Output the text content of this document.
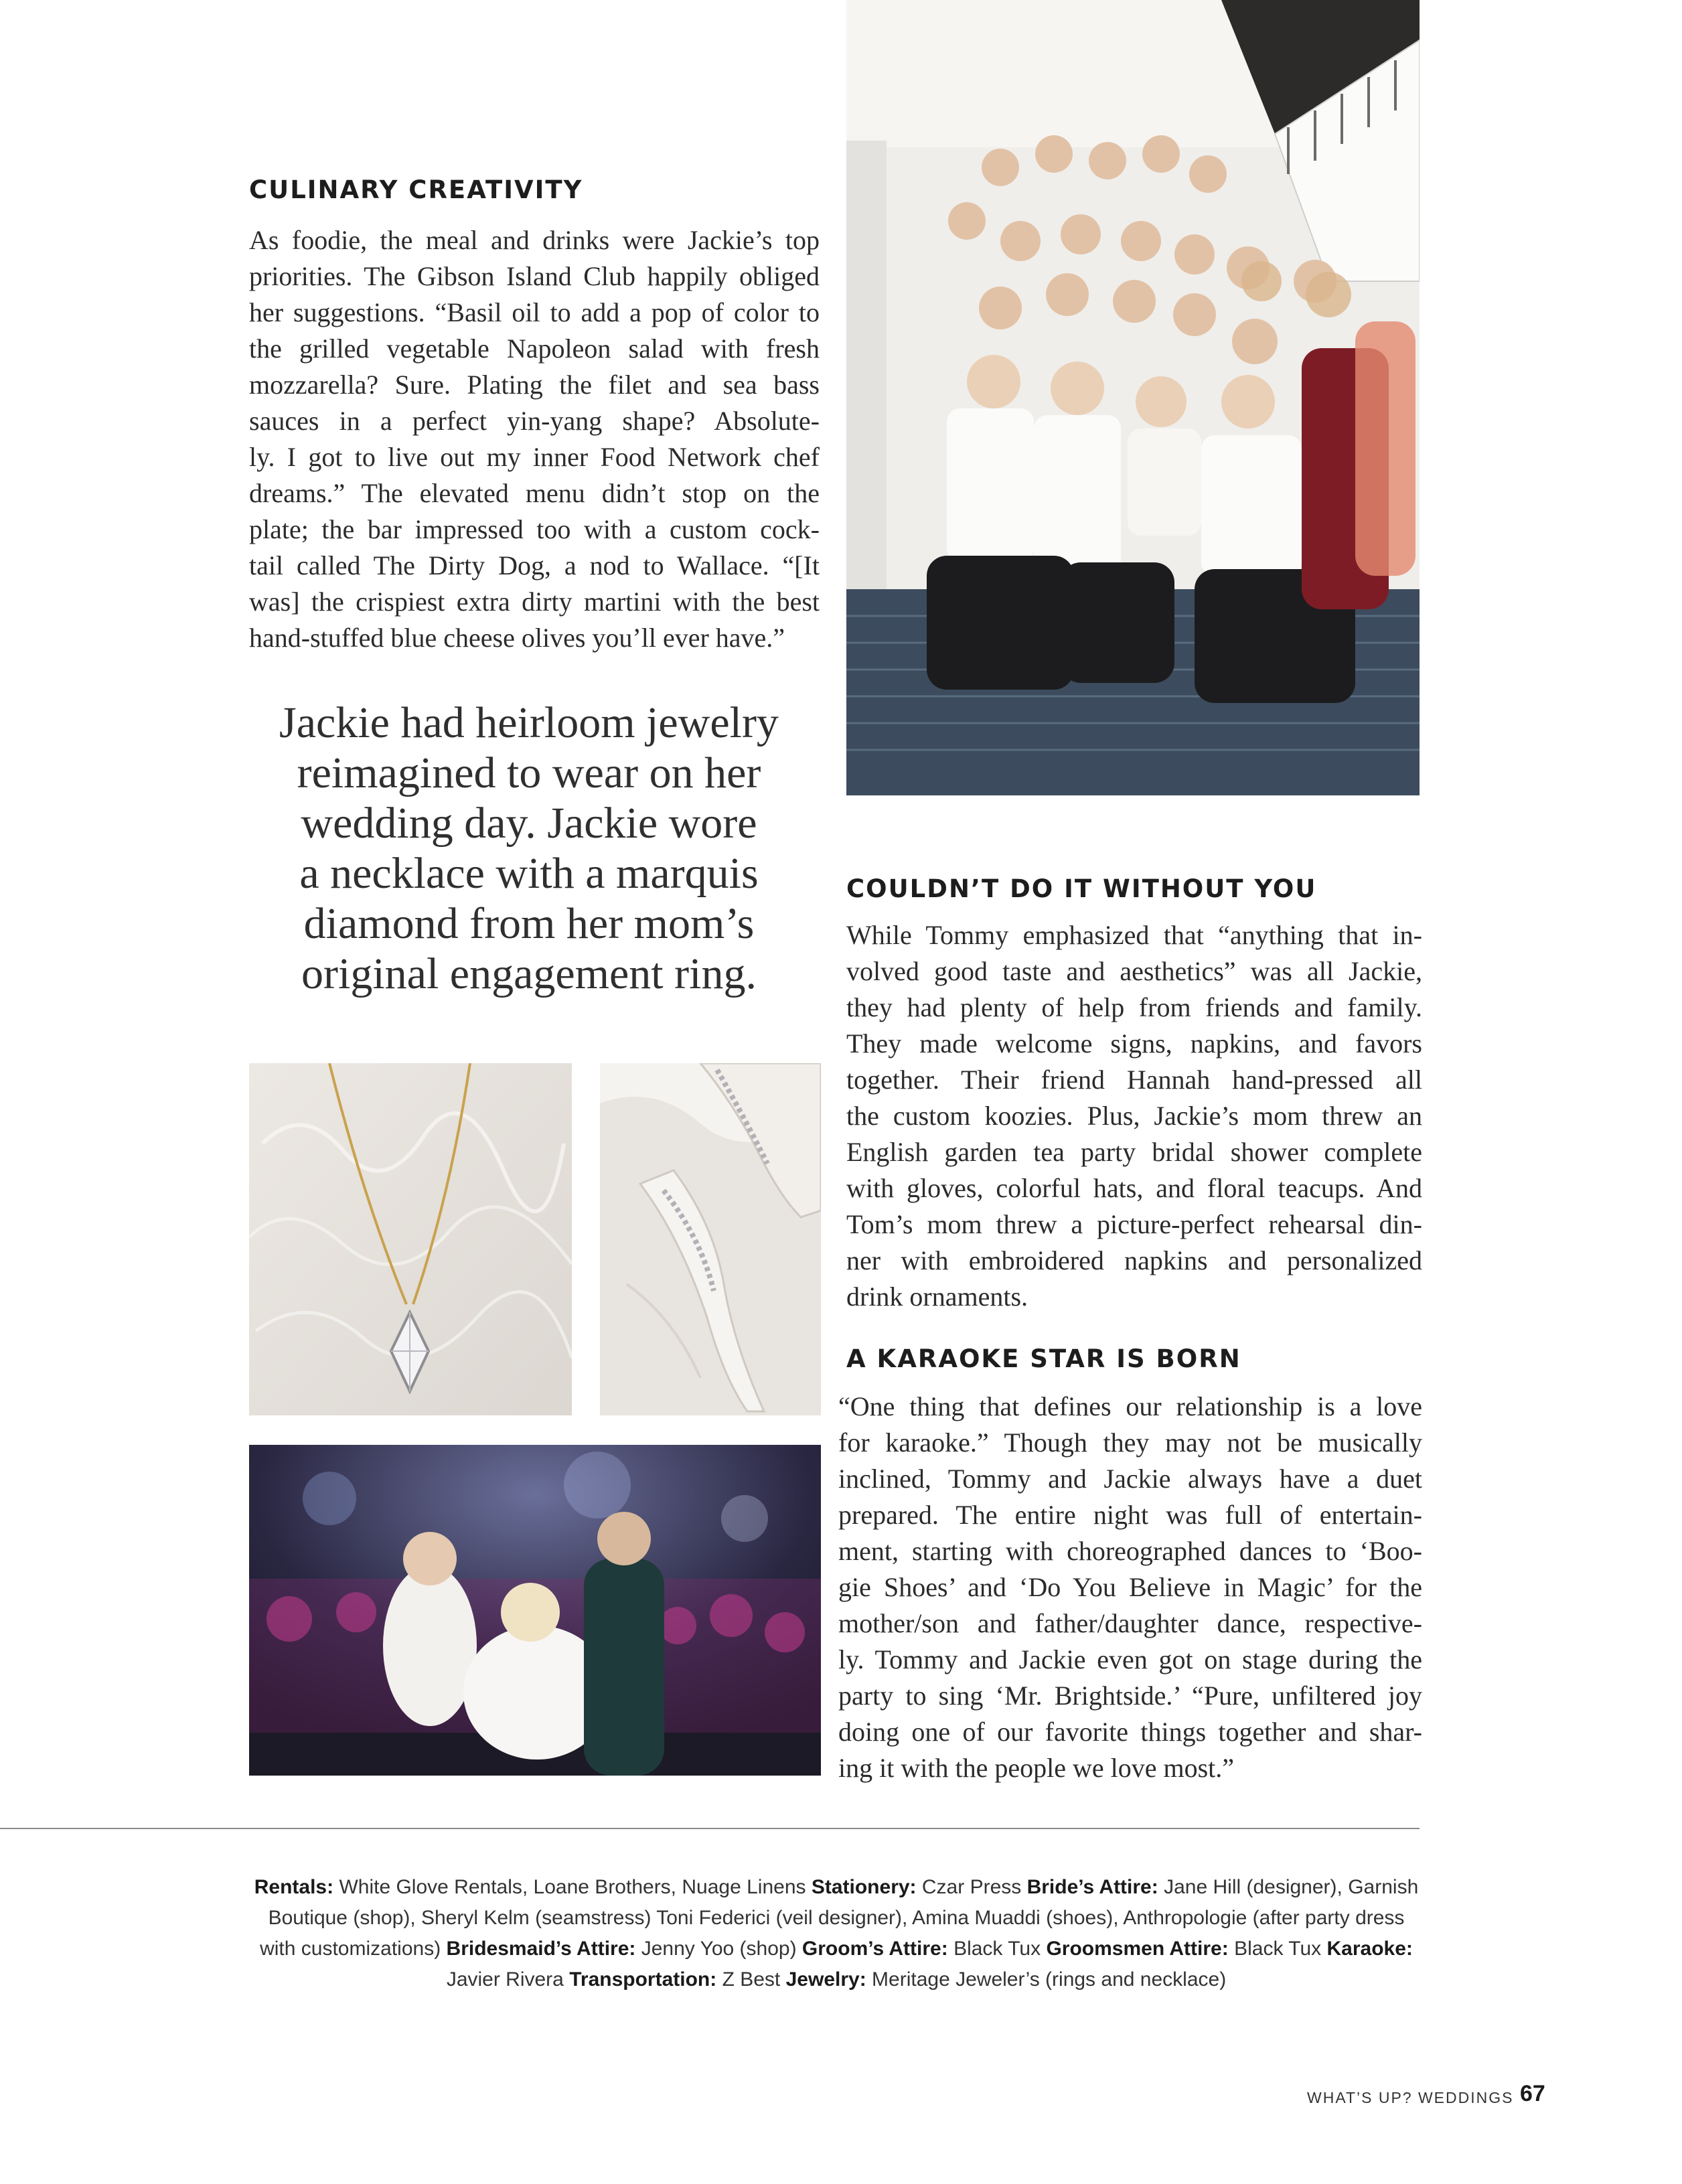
CULINARY CREATIVITY
As foodie, the meal and drinks were Jackie’s top
priorities. The Gibson Island Club happily obliged
her suggestions. “Basil oil to add a pop of color to
the grilled vegetable Napoleon salad with fresh
mozzarella? Sure. Plating the filet and sea bass
sauces in a perfect yin-yang shape? Absolute-
ly. I got to live out my inner Food Network chef
dreams.” The elevated menu didn’t stop on the
plate; the bar impressed too with a custom cock-
tail called The Dirty Dog, a nod to Wallace. “[It
was] the crispiest extra dirty martini with the best
hand-stuffed blue cheese olives you’ll ever have.”
Jackie had heirloom jewelry
reimagined to wear on her
wedding day. Jackie wore
a necklace with a marquis
diamond from her mom’s
original engagement ring.
COULDN’T DO IT WITHOUT YOU
While Tommy emphasized that “anything that in-
volved good taste and aesthetics” was all Jackie,
they had plenty of help from friends and family.
They made welcome signs, napkins, and favors
together. Their friend Hannah hand-pressed all
the custom koozies. Plus, Jackie’s mom threw an
English garden tea party bridal shower complete
with gloves, colorful hats, and floral teacups. And
Tom’s mom threw a picture-perfect rehearsal din-
ner with embroidered napkins and personalized
drink ornaments.
A KARAOKE STAR IS BORN
“One thing that defines our relationship is a love
for karaoke.” Though they may not be musically
inclined, Tommy and Jackie always have a duet
prepared. The entire night was full of entertain-
ment, starting with choreographed dances to ‘Boo-
gie Shoes’ and ‘Do You Believe in Magic’ for the
mother/son and father/daughter dance, respective-
ly. Tommy and Jackie even got on stage during the
party to sing ‘Mr. Brightside.’ “Pure, unfiltered joy
doing one of our favorite things together and shar-
ing it with the people we love most.”
Rentals: White Glove Rentals, Loane Brothers, Nuage Linens Stationery: Czar Press Bride’s Attire: Jane Hill (designer), Garnish Boutique (shop), Sheryl Kelm (seamstress) Toni Federici (veil designer), Amina Muaddi (shoes), Anthropologie (after party dress with customizations) Bridesmaid’s Attire: Jenny Yoo (shop) Groom’s Attire: Black Tux Groomsmen Attire: Black Tux Karaoke: Javier Rivera Transportation: Z Best Jewelry: Meritage Jeweler’s (rings and necklace)
WHAT’S UP? WEDDINGS 67
